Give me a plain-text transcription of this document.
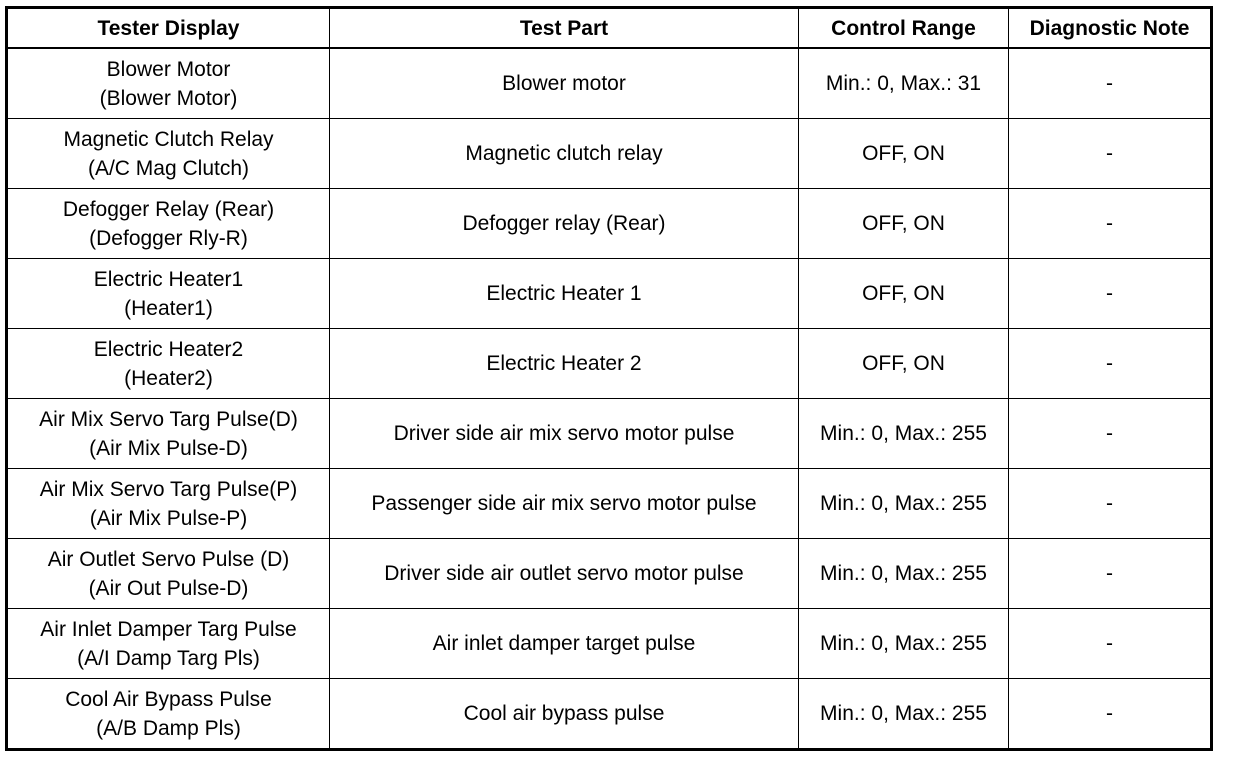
Tester Display	Test Part	Control Range	Diagnostic Note

Blower Motor
(Blower Motor)	Blower motor	Min.: 0, Max.: 31	-

Magnetic Clutch Relay
(A/C Mag Clutch)	Magnetic clutch relay	OFF, ON	-

Defogger Relay (Rear)
(Defogger Rly-R)	Defogger relay (Rear)	OFF, ON	-

Electric Heater1
(Heater1)	Electric Heater 1	OFF, ON	-

Electric Heater2
(Heater2)	Electric Heater 2	OFF, ON	-

Air Mix Servo Targ Pulse(D)
(Air Mix Pulse-D)	Driver side air mix servo motor pulse	Min.: 0, Max.: 255	-

Air Mix Servo Targ Pulse(P)
(Air Mix Pulse-P)	Passenger side air mix servo motor pulse	Min.: 0, Max.: 255	-

Air Outlet Servo Pulse (D)
(Air Out Pulse-D)	Driver side air outlet servo motor pulse	Min.: 0, Max.: 255	-

Air Inlet Damper Targ Pulse
(A/I Damp Targ Pls)	Air inlet damper target pulse	Min.: 0, Max.: 255	-

Cool Air Bypass Pulse
(A/B Damp Pls)	Cool air bypass pulse	Min.: 0, Max.: 255	-
